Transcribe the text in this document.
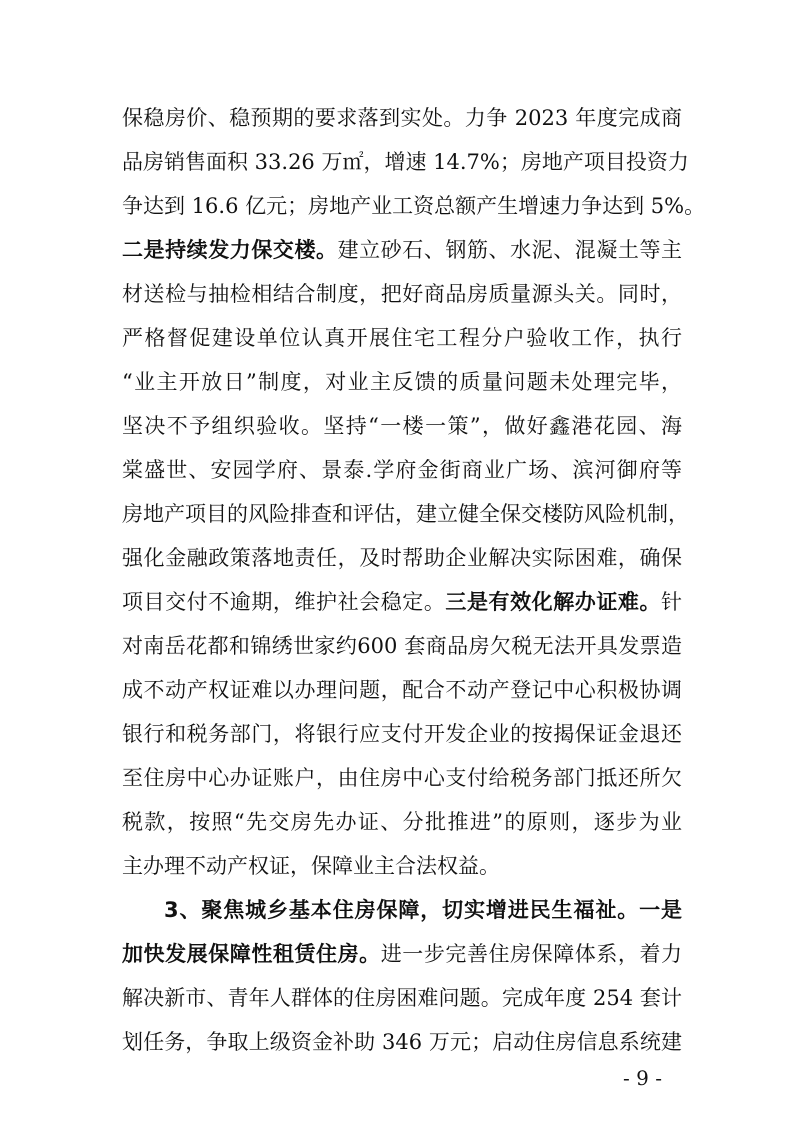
保稳房价、稳预期的要求落到实处。力争 2023 年度完成商
品房销售面积 33.26 万㎡，增速 14.7%；房地产项目投资力
争达到 16.6 亿元；房地产业工资总额产生增速力争达到 5%。
二是持续发力保交楼。建立砂石、钢筋、水泥、混凝土等主
材送检与抽检相结合制度，把好商品房质量源头关。同时，
严格督促建设单位认真开展住宅工程分户验收工作，执行
“业主开放日”制度，对业主反馈的质量问题未处理完毕，
坚决不予组织验收。坚持“一楼一策”，做好鑫港花园、海
棠盛世、安园学府、景泰.学府金街商业广场、滨河御府等
房地产项目的风险排查和评估，建立健全保交楼防风险机制，
强化金融政策落地责任，及时帮助企业解决实际困难，确保
项目交付不逾期，维护社会稳定。三是有效化解办证难。针
对南岳花都和锦绣世家约600 套商品房欠税无法开具发票造
成不动产权证难以办理问题，配合不动产登记中心积极协调
银行和税务部门，将银行应支付开发企业的按揭保证金退还
至住房中心办证账户，由住房中心支付给税务部门抵还所欠
税款，按照“先交房先办证、分批推进”的原则，逐步为业
主办理不动产权证，保障业主合法权益。
3、聚焦城乡基本住房保障，切实增进民生福祉。一是
加快发展保障性租赁住房。进一步完善住房保障体系，着力
解决新市、青年人群体的住房困难问题。完成年度 254 套计
划任务，争取上级资金补助 346 万元；启动住房信息系统建
- 9 -
